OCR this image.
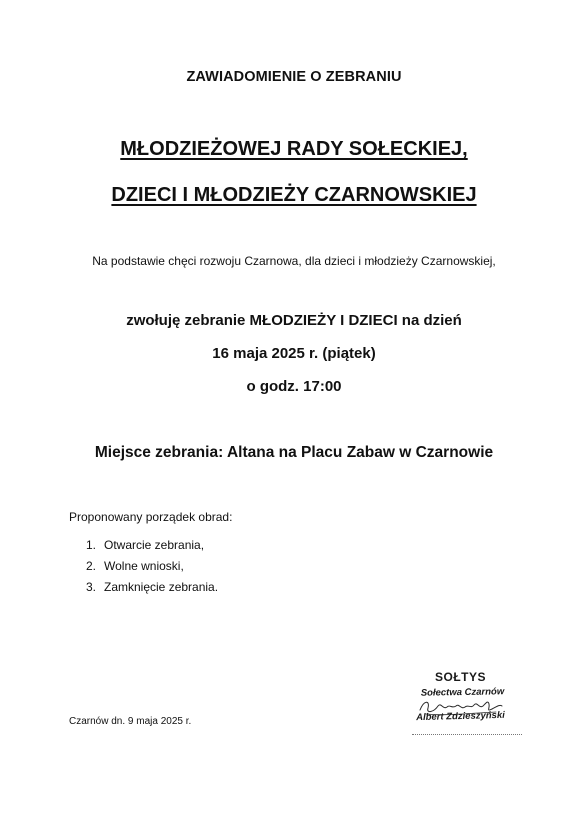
ZAWIADOMIENIE O ZEBRANIU
MŁODZIEŻOWEJ RADY SOŁECKIEJ,
DZIECI I MŁODZIEŻY CZARNOWSKIEJ
Na podstawie chęci rozwoju Czarnowa, dla dzieci i młodzieży Czarnowskiej,
zwołuję zebranie MŁODZIEŻY I DZIECI na dzień
16 maja 2025 r. (piątek)
o godz. 17:00
Miejsce zebrania: Altana na Placu Zabaw w Czarnowie
Proponowany porządek obrad:
1. Otwarcie zebrania,
2. Wolne wnioski,
3. Zamknięcie zebrania.
Czarnów dn. 9 maja 2025 r.
SOŁTYS
Sołectwa Czarnów
Albert Zdzieszyński
